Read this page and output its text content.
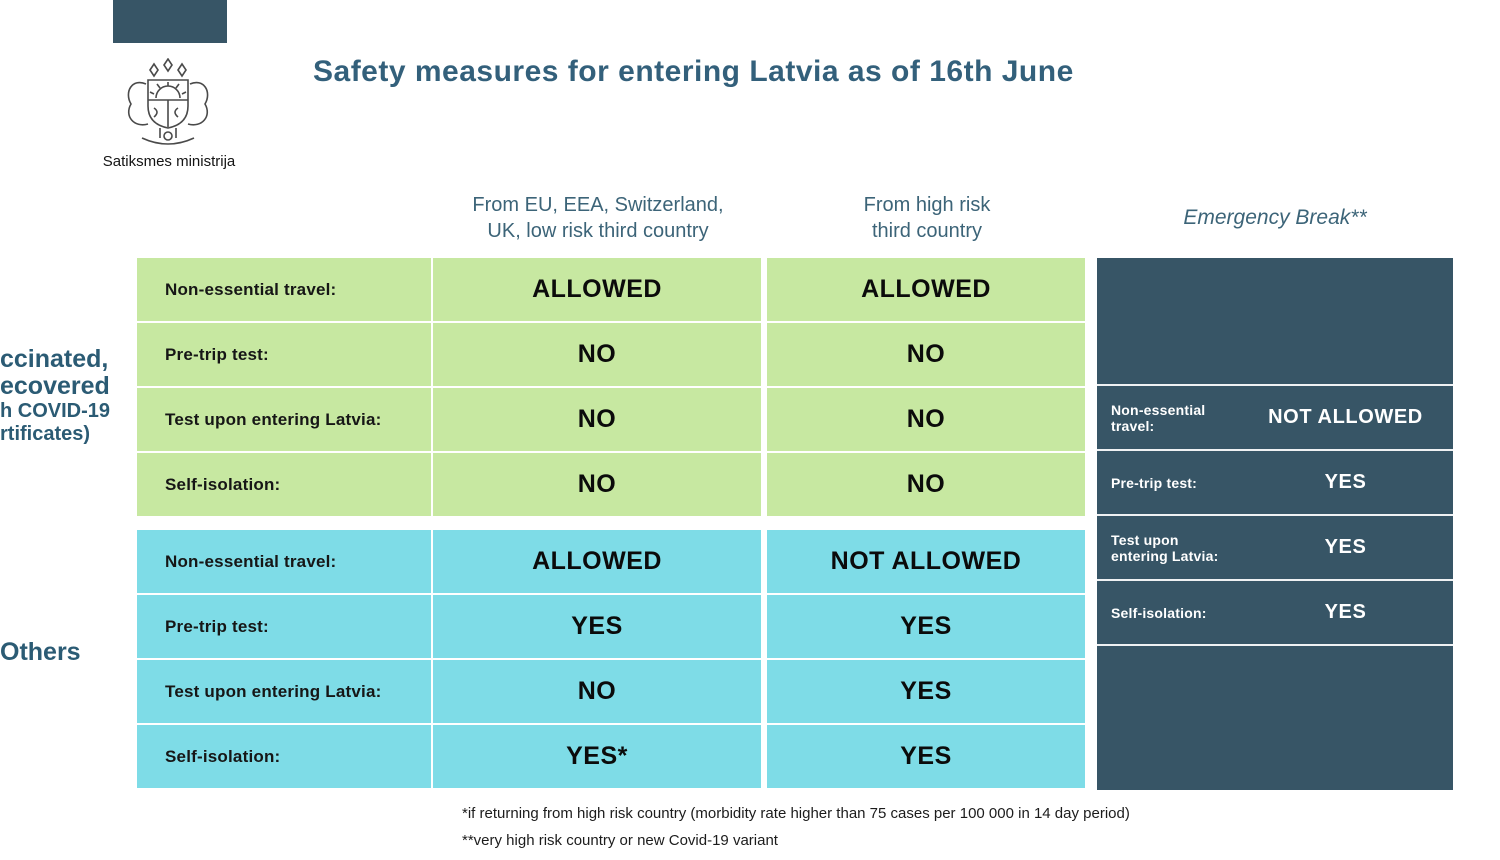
Satiksmes ministrija
Safety measures for entering Latvia as of 16th June
From EU, EEA, Switzerland,
UK, low risk third country
From high risk
third country
Emergency Break**
ccinated,
ecovered
h COVID-19
rtificates)
Others
Non-essential travel:	ALLOWED	ALLOWED
Pre-trip test:	NO	NO
Test upon entering Latvia:	NO	NO
Self-isolation:	NO	NO
Non-essential travel:	ALLOWED	NOT ALLOWED
Pre-trip test:	YES	YES
Test upon entering Latvia:	NO	YES
Self-isolation:	YES*	YES
Non-essential travel:	NOT ALLOWED
Pre-trip test:	YES
Test upon entering Latvia:	YES
Self-isolation:	YES
*if returning from high risk country (morbidity rate higher than 75 cases per 100 000 in 14 day period)
**very high risk country or new Covid-19 variant
